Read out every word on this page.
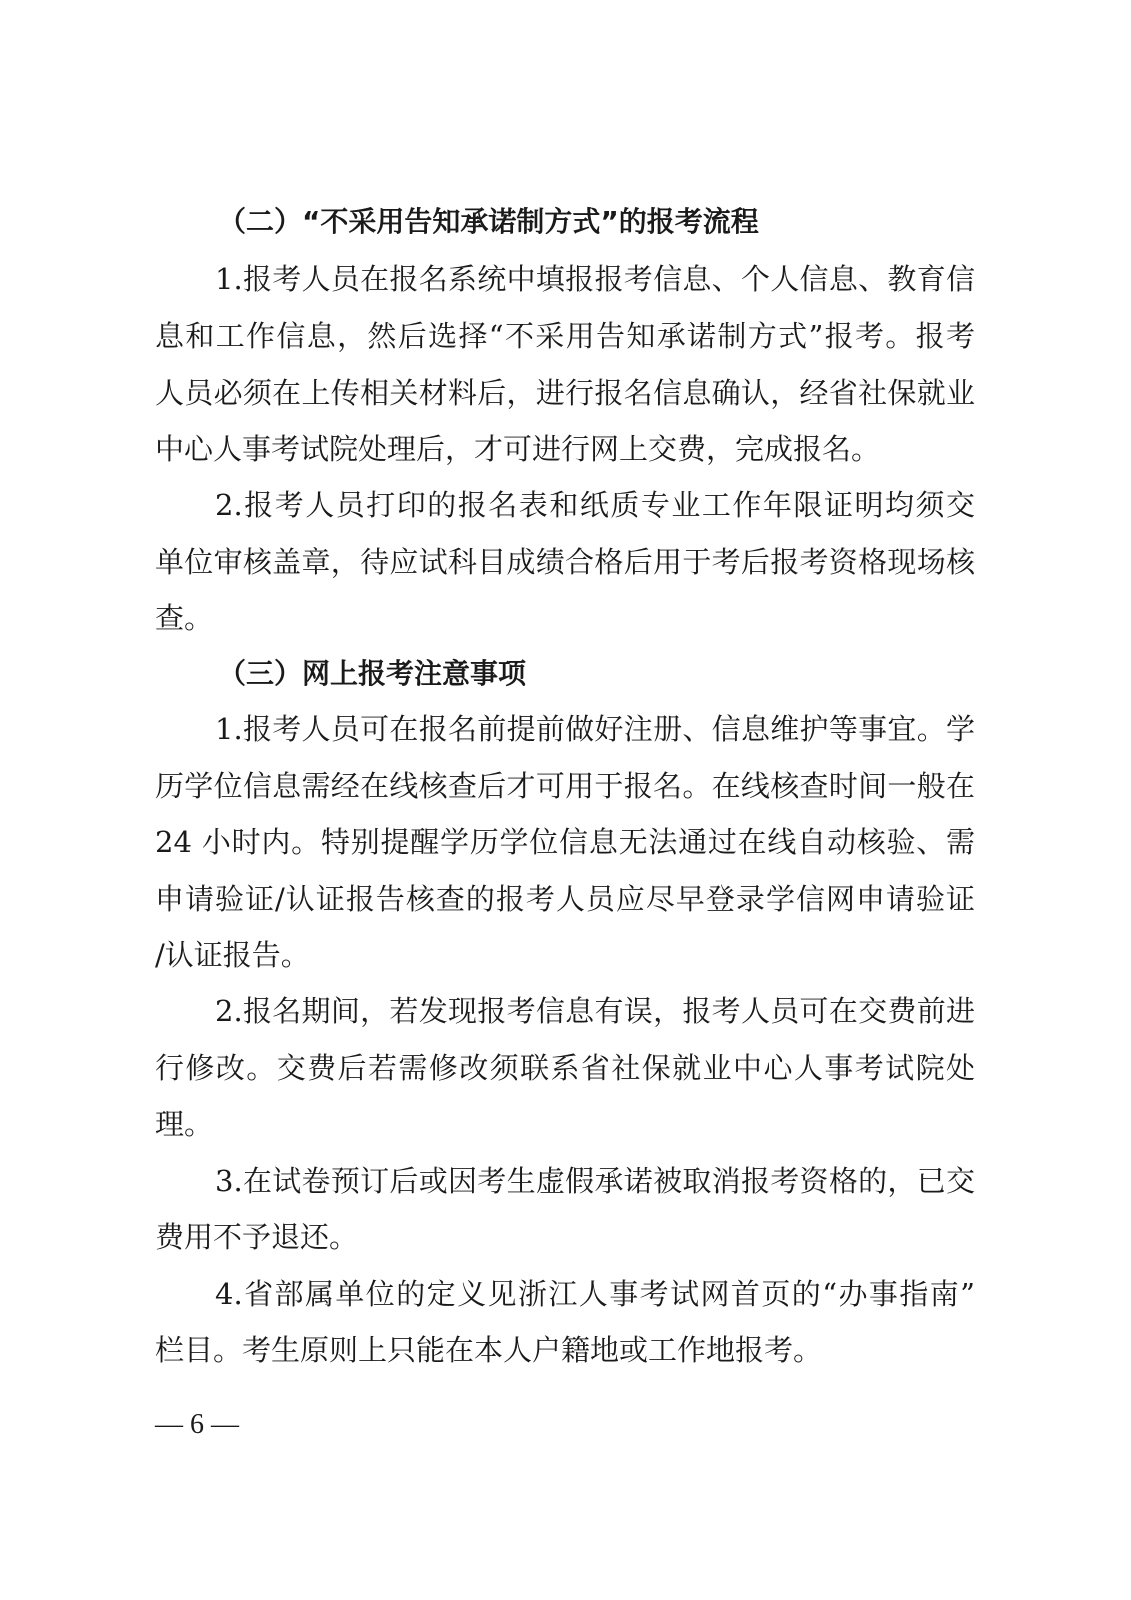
（二）“不采用告知承诺制方式”的报考流程
1.报考人员在报名系统中填报报考信息、个人信息、教育信
息和工作信息，然后选择“不采用告知承诺制方式”报考。报考
人员必须在上传相关材料后，进行报名信息确认，经省社保就业
中心人事考试院处理后，才可进行网上交费，完成报名。
2.报考人员打印的报名表和纸质专业工作年限证明均须交
单位审核盖章，待应试科目成绩合格后用于考后报考资格现场核
查。
（三）网上报考注意事项
1.报考人员可在报名前提前做好注册、信息维护等事宜。学
历学位信息需经在线核查后才可用于报名。在线核查时间一般在
24 小时内。特别提醒学历学位信息无法通过在线自动核验、需
申请验证/认证报告核查的报考人员应尽早登录学信网申请验证
/认证报告。
2.报名期间，若发现报考信息有误，报考人员可在交费前进
行修改。交费后若需修改须联系省社保就业中心人事考试院处
理。
3.在试卷预订后或因考生虚假承诺被取消报考资格的，已交
费用不予退还。
4.省部属单位的定义见浙江人事考试网首页的“办事指南”
栏目。考生原则上只能在本人户籍地或工作地报考。
— 6 —
